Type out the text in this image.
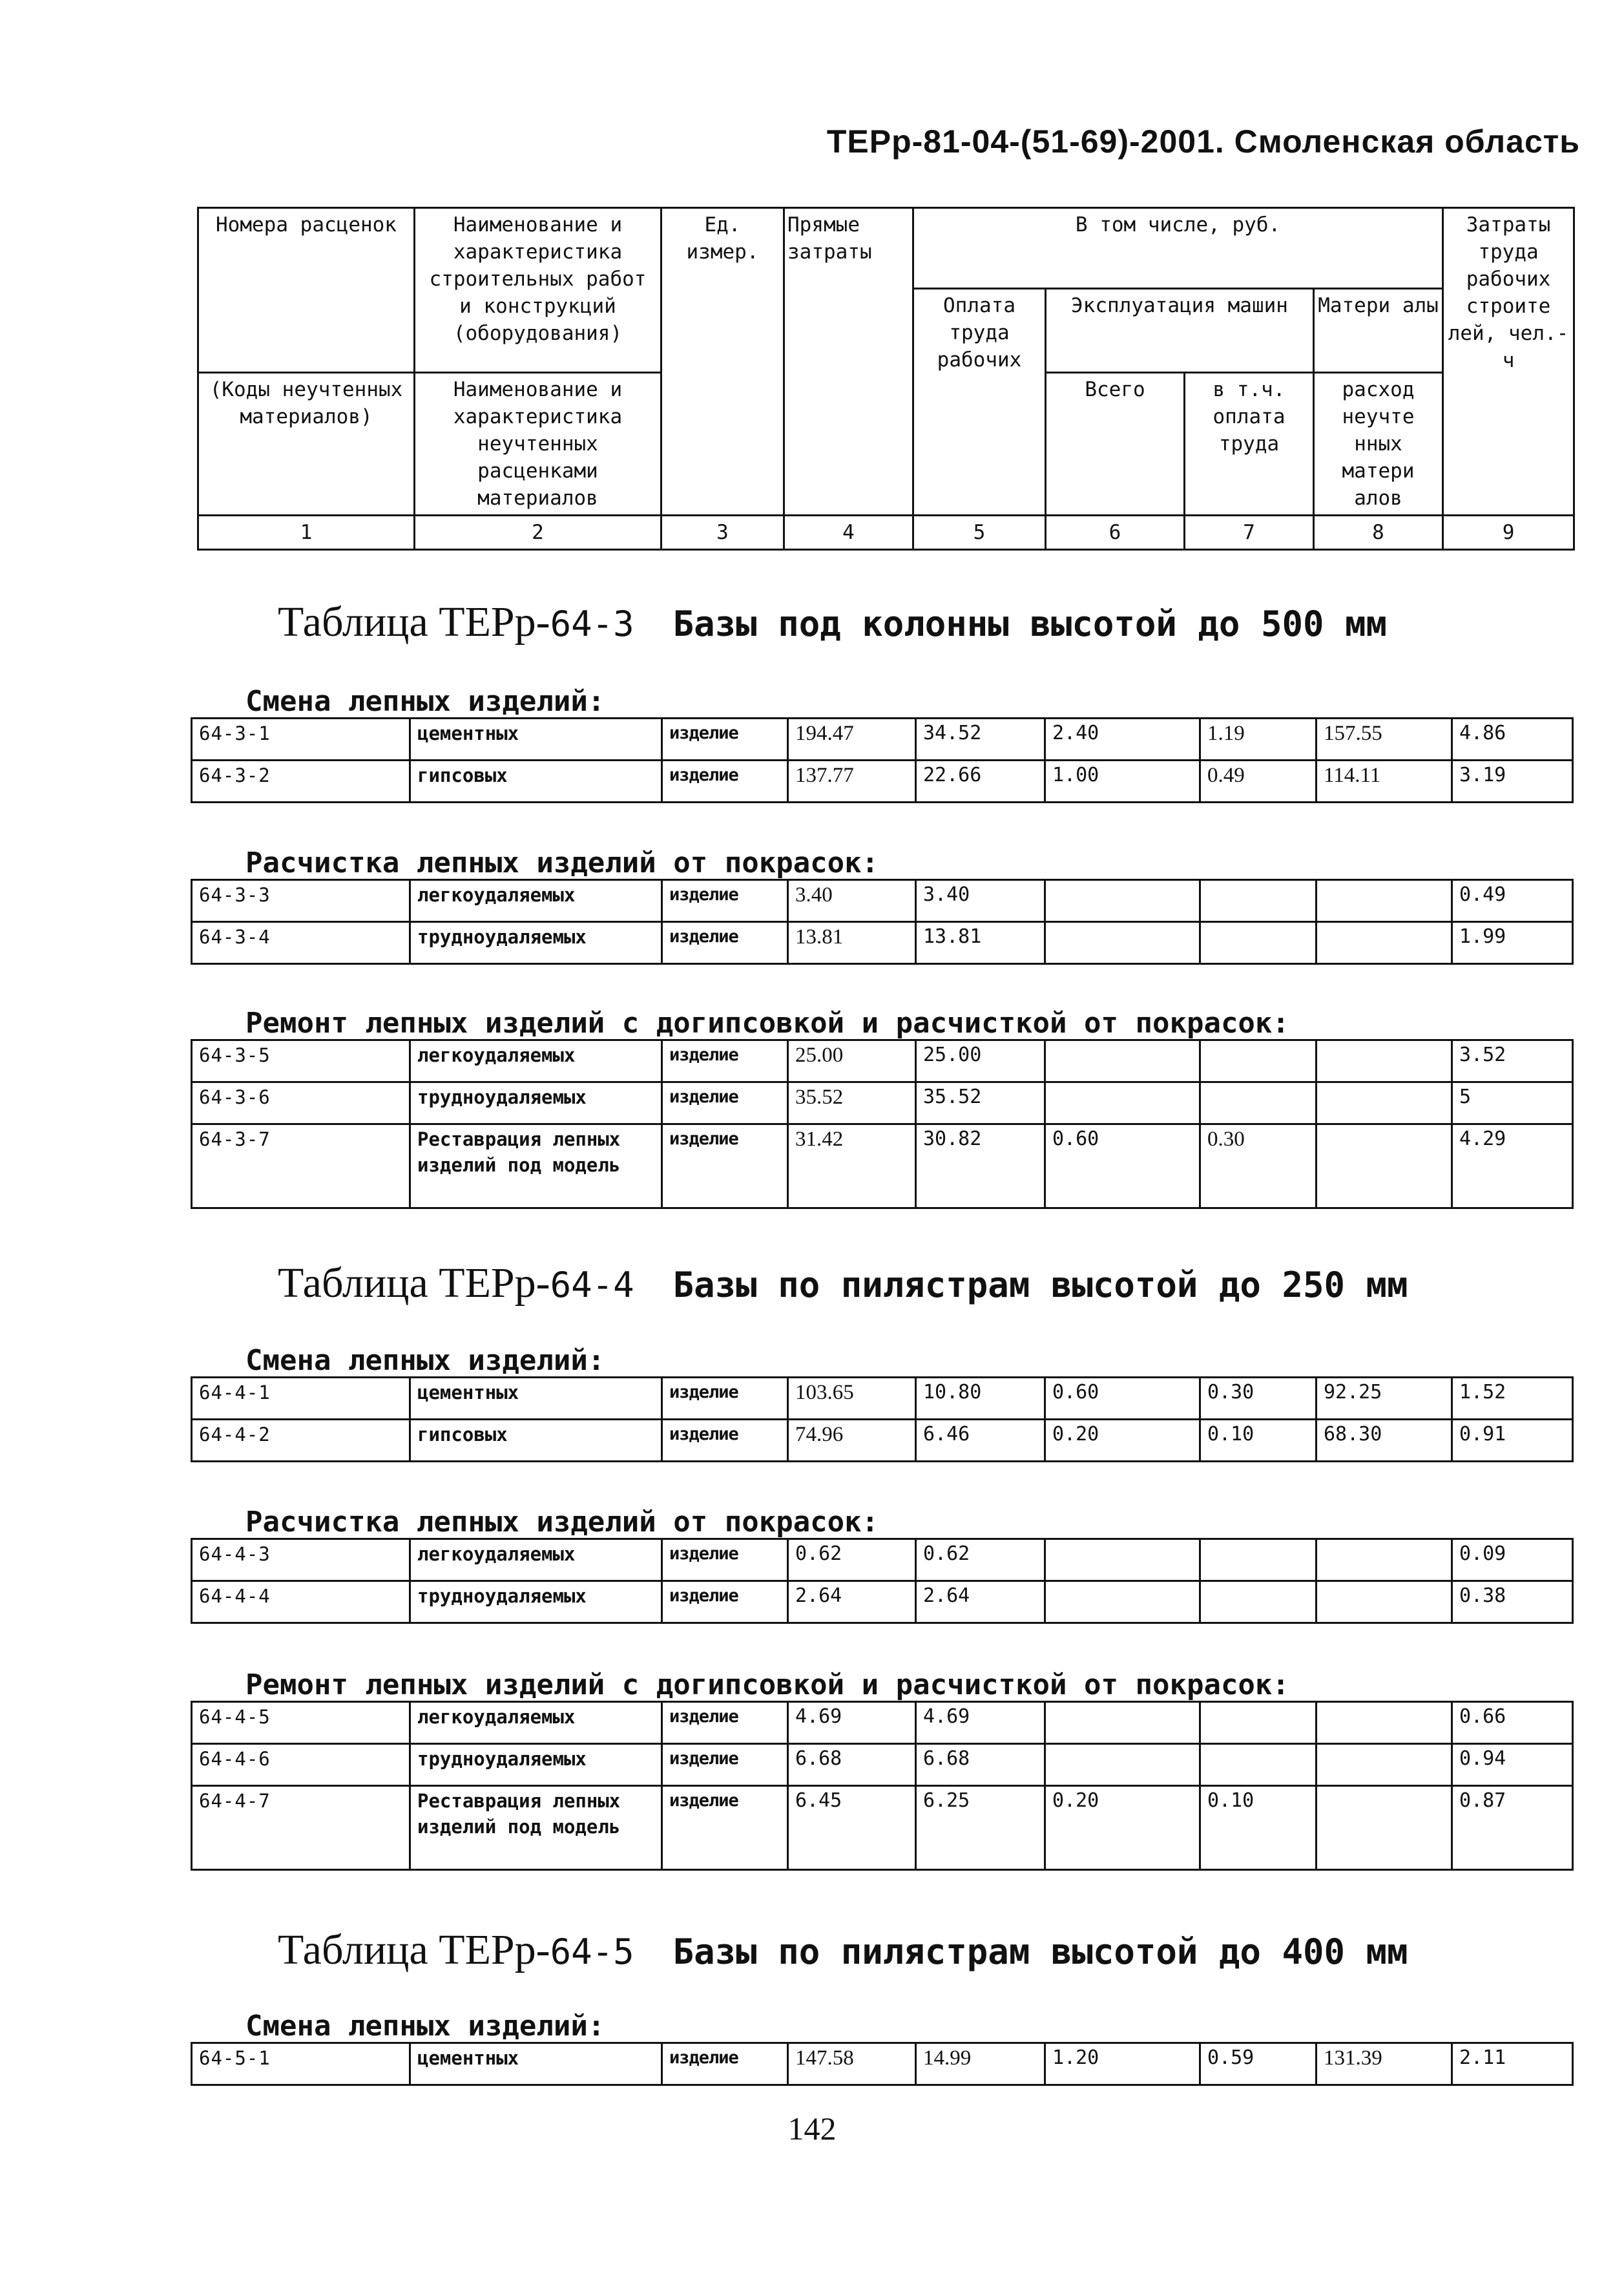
ТЕРр-81-04-(51-69)-2001. Смоленская область
Номера расценок	Наименование и характеристика строительных работ и конструкций (оборудования)	Ед. измер.	Прямые затраты	В том числе, руб.				Затраты труда рабочих строите лей, чел.-ч
				Оплата труда рабочих	Эксплуатация машин		Матери алы	
(Коды неучтенных материалов)	Наименование и характеристика неучтенных расценками материалов				Всего	в т.ч. оплата труда	расход неучте нных матери алов	

1	2	3	4	5	6	7	8	9
Таблица ТЕРр-64-3 Базы под колонны высотой до 500 мм
Смена лепных изделий:
64-3-1	цементных	изделие	194.47	34.52	2.40	1.19	157.55	4.86
64-3-2	гипсовых	изделие	137.77	22.66	1.00	0.49	114.11	3.19
Расчистка лепных изделий от покрасок:
64-3-3	легкоудаляемых	изделие	3.40	3.40				0.49
64-3-4	трудноудаляемых	изделие	13.81	13.81				1.99
Ремонт лепных изделий с догипсовкой и расчисткой от покрасок:
64-3-5	легкоудаляемых	изделие	25.00	25.00				3.52
64-3-6	трудноудаляемых	изделие	35.52	35.52				5
64-3-7	Реставрация лепных изделий под модель	изделие	31.42	30.82	0.60	0.30		4.29
Таблица ТЕРр-64-4 Базы по пилястрам высотой до 250 мм
Смена лепных изделий:
64-4-1	цементных	изделие	103.65	10.80	0.60	0.30	92.25	1.52
64-4-2	гипсовых	изделие	74.96	6.46	0.20	0.10	68.30	0.91
Расчистка лепных изделий от покрасок:
64-4-3	легкоудаляемых	изделие	0.62	0.62				0.09
64-4-4	трудноудаляемых	изделие	2.64	2.64				0.38
Ремонт лепных изделий с догипсовкой и расчисткой от покрасок:
64-4-5	легкоудаляемых	изделие	4.69	4.69				0.66
64-4-6	трудноудаляемых	изделие	6.68	6.68				0.94
64-4-7	Реставрация лепных изделий под модель	изделие	6.45	6.25	0.20	0.10		0.87
Таблица ТЕРр-64-5 Базы по пилястрам высотой до 400 мм
Смена лепных изделий:
64-5-1	цементных	изделие	147.58	14.99	1.20	0.59	131.39	2.11
142
